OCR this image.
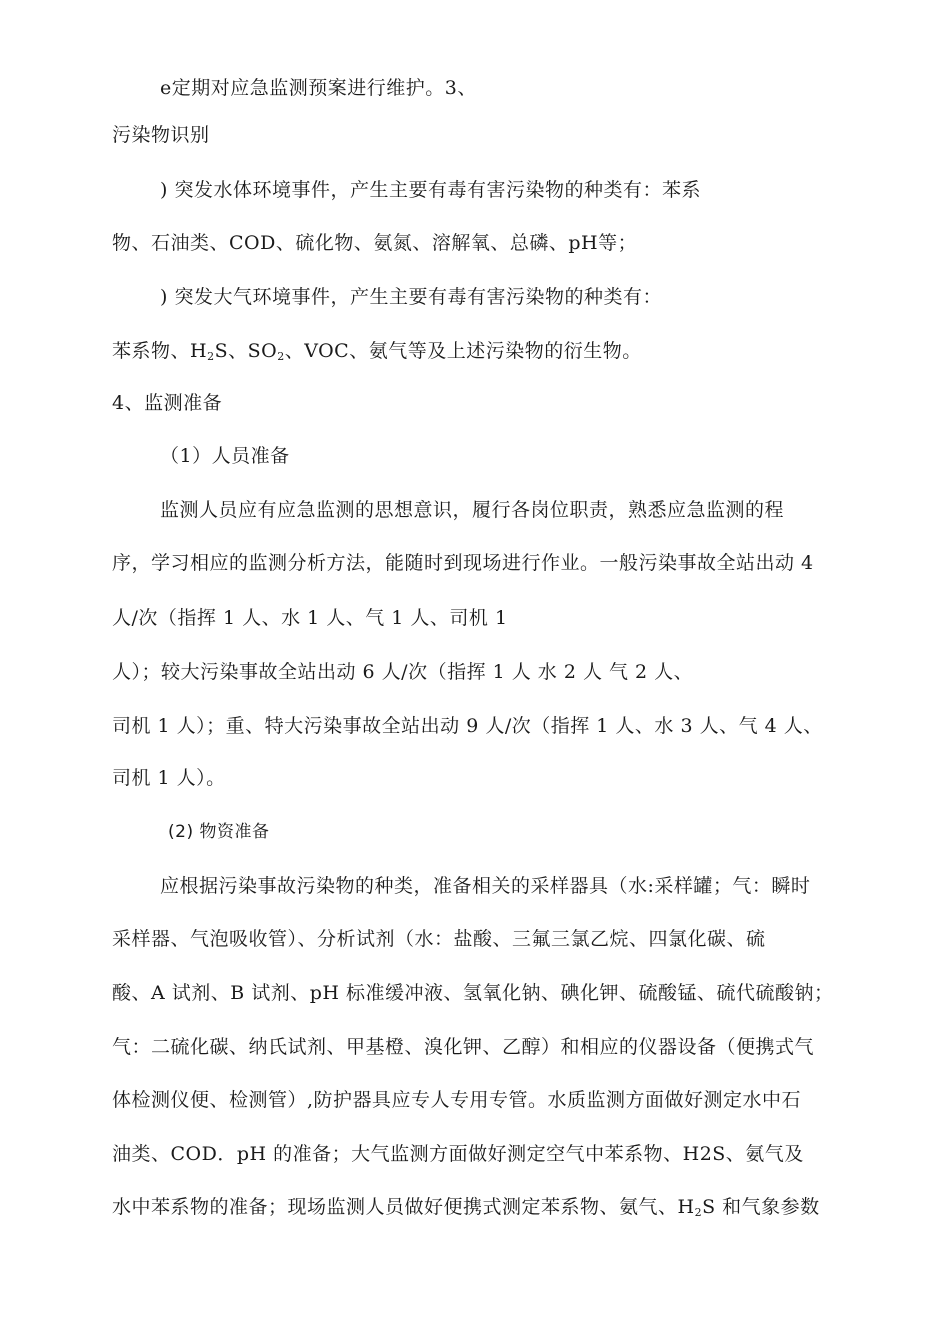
e定期对应急监测预案进行维护。3、
污染物识别
) 突发水体环境事件，产生主要有毒有害污染物的种类有：苯系
物、石油类、COD、硫化物、氨氮、溶解氧、总磷、pH等；
) 突发大气环境事件，产生主要有毒有害污染物的种类有：
苯系物、$H_2S$、$SO_2$、VOC、氨气等及上述污染物的衍生物。
4、监测准备
（1）人员准备
监测人员应有应急监测的思想意识，履行各岗位职责，熟悉应急监测的程
序，学习相应的监测分析方法，能随时到现场进行作业。一般污染事故全站出动 4
人/次（指挥 1 人、水 1 人、气 1 人、司机 1
人）；较大污染事故全站出动 6 人/次（指挥 1 人 水 2 人 气 2 人、
司机 1 人）；重、特大污染事故全站出动 9 人/次（指挥 1 人、水 3 人、气 4 人、
司机 1 人）。
(2) 物资准备
应根据污染事故污染物的种类，准备相关的采样器具（水:采样罐；气：瞬时
采样器、气泡吸收管）、分析试剂（水：盐酸、三氟三氯乙烷、四氯化碳、硫
酸、A 试剂、B 试剂、pH 标准缓冲液、氢氧化钠、碘化钾、硫酸锰、硫代硫酸钠；
气：二硫化碳、纳氏试剂、甲基橙、溴化钾、乙醇）和相应的仪器设备（便携式气
体检测仪便、检测管）,防护器具应专人专用专管。水质监测方面做好测定水中石
油类、COD．pH 的准备；大气监测方面做好测定空气中苯系物、H2S、氨气及
水中苯系物的准备；现场监测人员做好便携式测定苯系物、氨气、$H_2S$ 和气象参数
